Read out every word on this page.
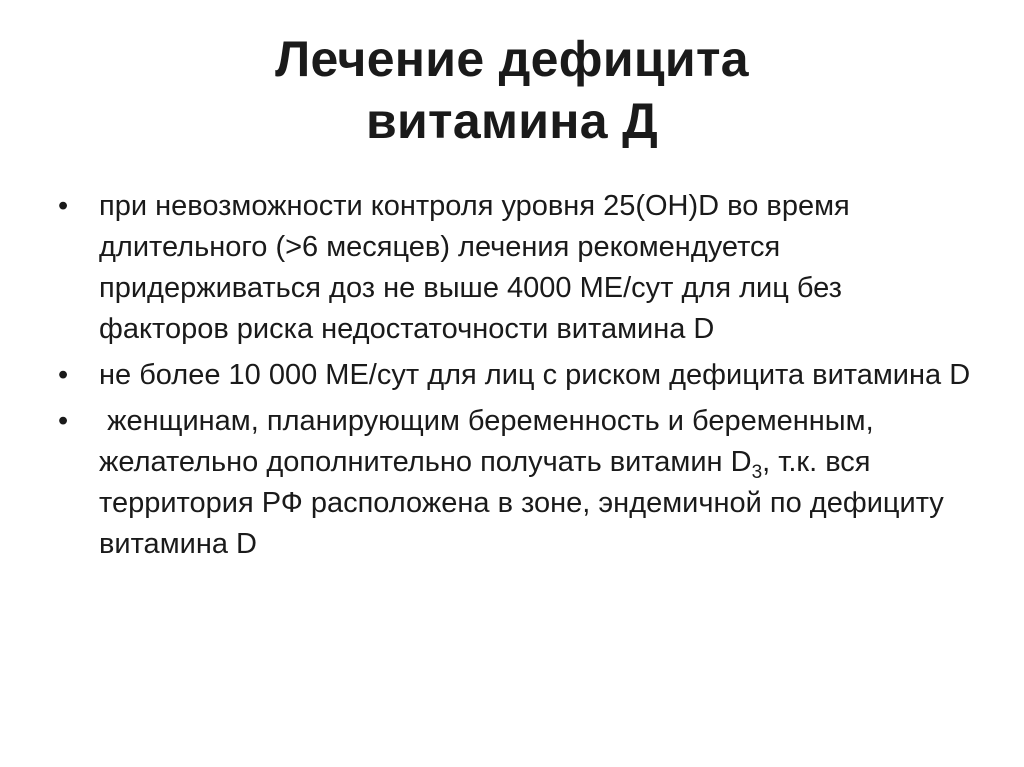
Лечение дефицита
витамина Д
• при невозможности контроля уровня 25(OH)D во время длительного (>6 месяцев) лечения рекомендуется придерживаться доз не выше 4000 МЕ/сут для лиц без факторов риска недостаточности витамина D
• не более 10 000 МЕ/сут для лиц с риском дефицита витамина D
• женщинам, планирующим беременность и беременным, желательно дополнительно получать витамин $D_3$, т.к. вся территория РФ расположена в зоне, эндемичной по дефициту витамина D
